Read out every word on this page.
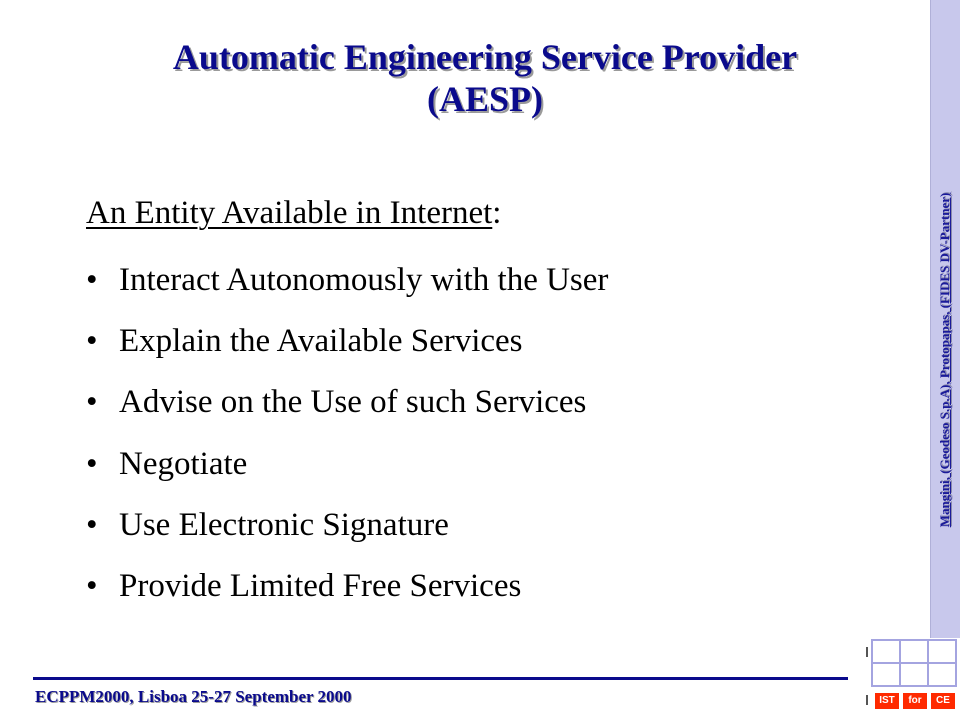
Automatic Engineering Service Provider
(AESP)
An Entity Available in Internet:
• Interact Autonomously with the User
• Explain the Available Services
• Advise on the Use of such Services
• Negotiate
• Use Electronic Signature
• Provide Limited Free Services
Mangini, (Geodeso S.p.A), Protopapas, (FIDES DV-Partner)
ECPPM2000, Lisboa 25-27 September 2000	IST	for	CE
